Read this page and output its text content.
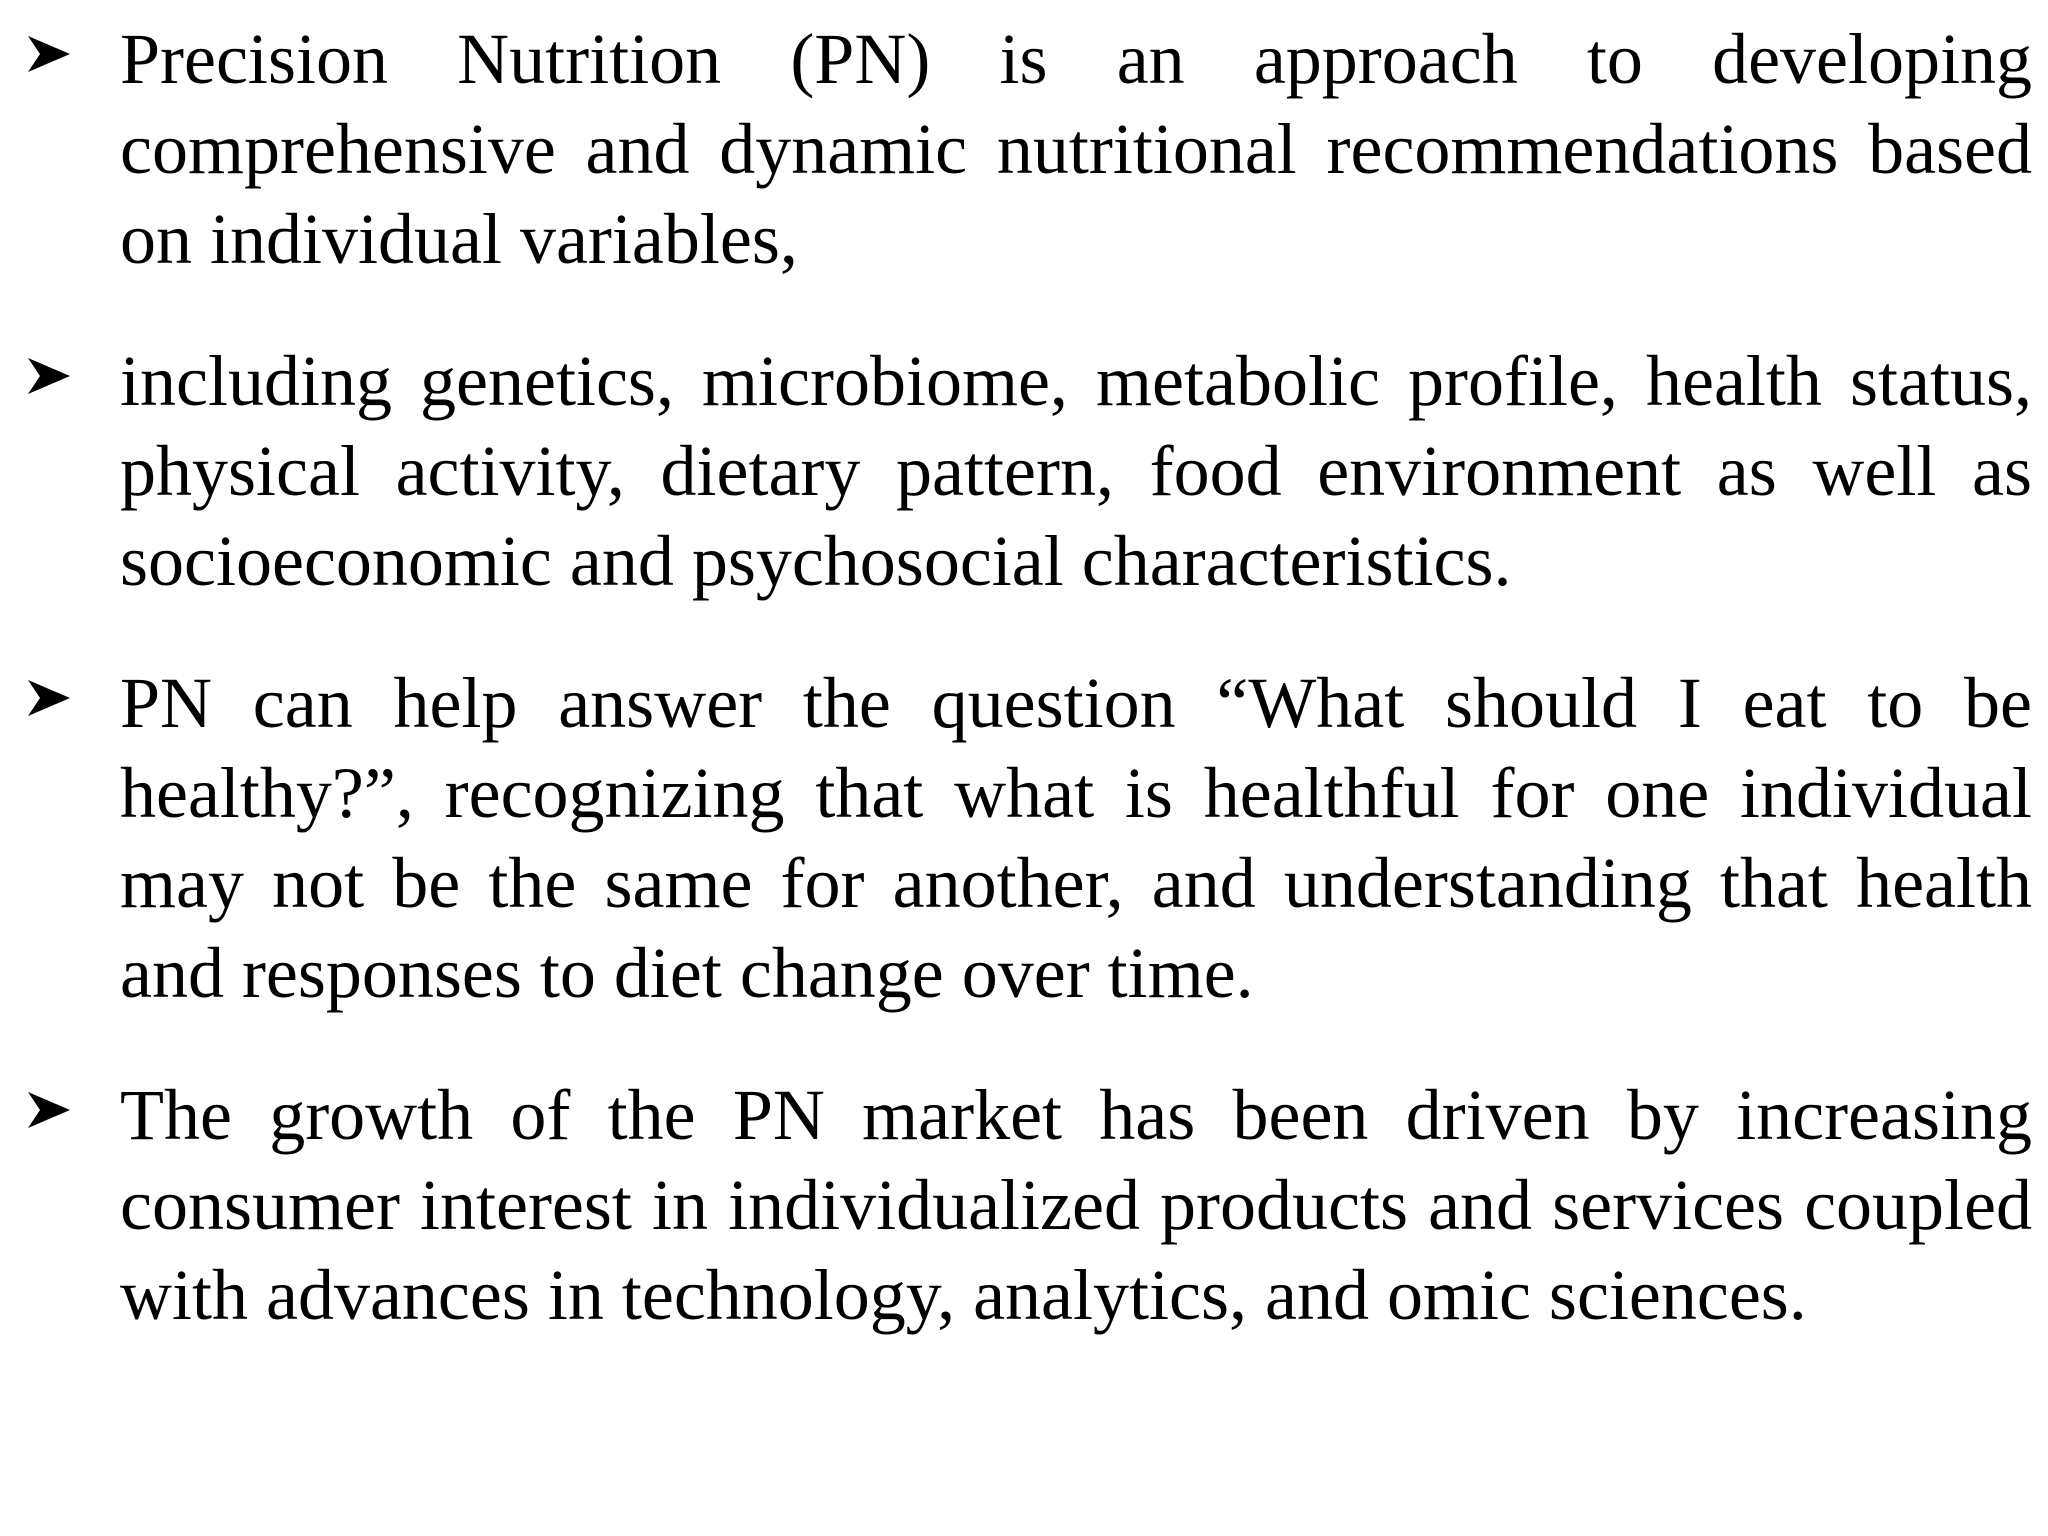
Precision Nutrition (PN) is an approach to developing comprehensive and dynamic nutritional recommendations based on individual variables,

including genetics, microbiome, metabolic profile, health status, physical activity, dietary pattern, food environment as well as socioeconomic and psychosocial characteristics.

PN can help answer the question “What should I eat to be healthy?”, recognizing that what is healthful for one individual may not be the same for another, and understanding that health and responses to diet change over time.

The growth of the PN market has been driven by increasing consumer interest in individualized products and services coupled with advances in technology, analytics, and omic sciences.
